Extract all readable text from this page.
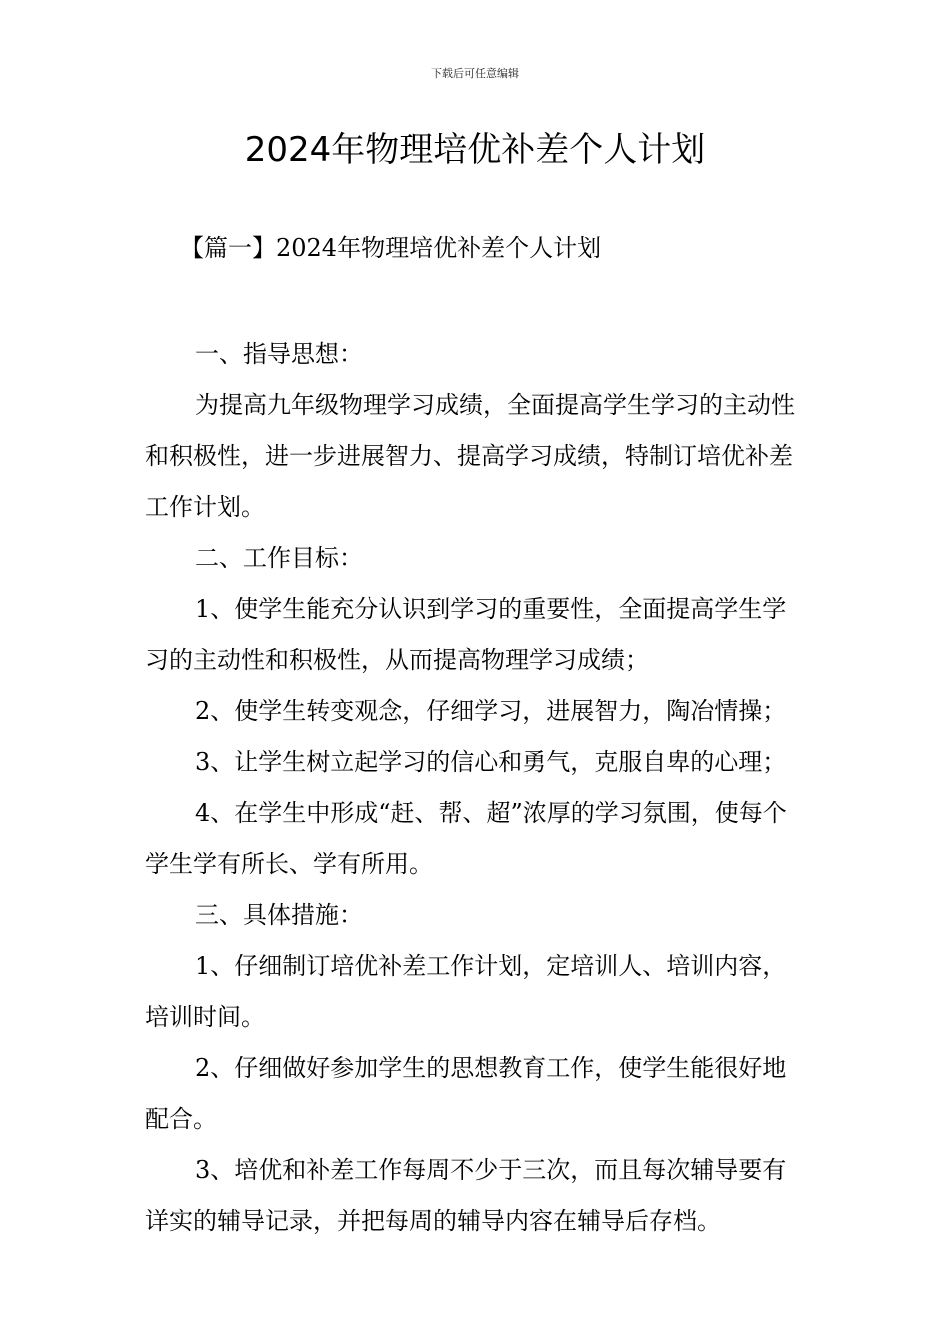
下载后可任意编辑
2024年物理培优补差个人计划
【篇一】2024年物理培优补差个人计划

一、指导思想：

为提高九年级物理学习成绩，全面提高学生学习的主动性和积极性，进一步进展智力、提高学习成绩，特制订培优补差工作计划。

二、工作目标：

1、使学生能充分认识到学习的重要性，全面提高学生学习的主动性和积极性，从而提高物理学习成绩；

2、使学生转变观念，仔细学习，进展智力，陶冶情操；

3、让学生树立起学习的信心和勇气，克服自卑的心理；

4、在学生中形成“赶、帮、超”浓厚的学习氛围，使每个学生学有所长、学有所用。

三、具体措施：

1、仔细制订培优补差工作计划，定培训人、培训内容，培训时间。

2、仔细做好参加学生的思想教育工作，使学生能很好地配合。

3、培优和补差工作每周不少于三次，而且每次辅导要有详实的辅导记录，并把每周的辅导内容在辅导后存档。
